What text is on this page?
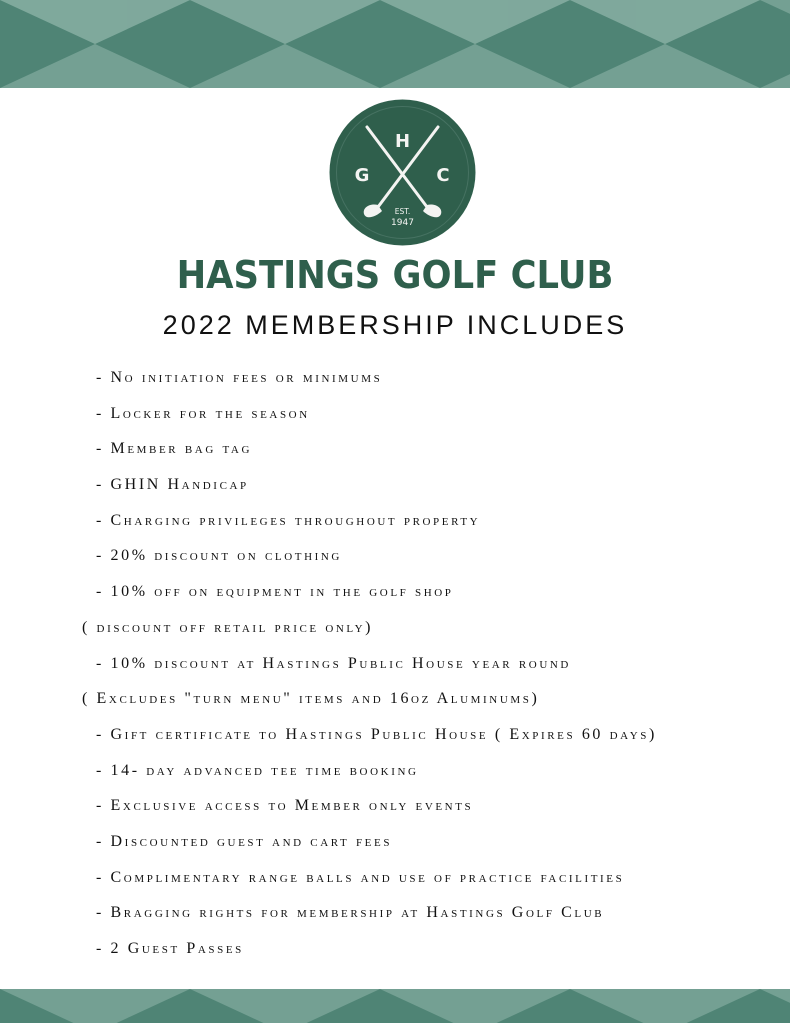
H
G	C
EST.
1947
HASTINGS GOLF CLUB
2022 MEMBERSHIP INCLUDES
- No initiation fees or minimums
- Locker for the season
- Member bag tag
- GHIN Handicap
- Charging privileges throughout property
- 20% discount on clothing
- 10% off on equipment in the golf shop
( discount off retail price only)
- 10% discount at Hastings Public House year round
( Excludes "turn menu" items and 16oz Aluminums)
- Gift certificate to Hastings Public House ( Expires 60 days)
- 14- day advanced tee time booking
- Exclusive access to Member only events
- Discounted guest and cart fees
- Complimentary range balls and use of practice facilities
- Bragging rights for membership at Hastings Golf Club
- 2 Guest Passes
